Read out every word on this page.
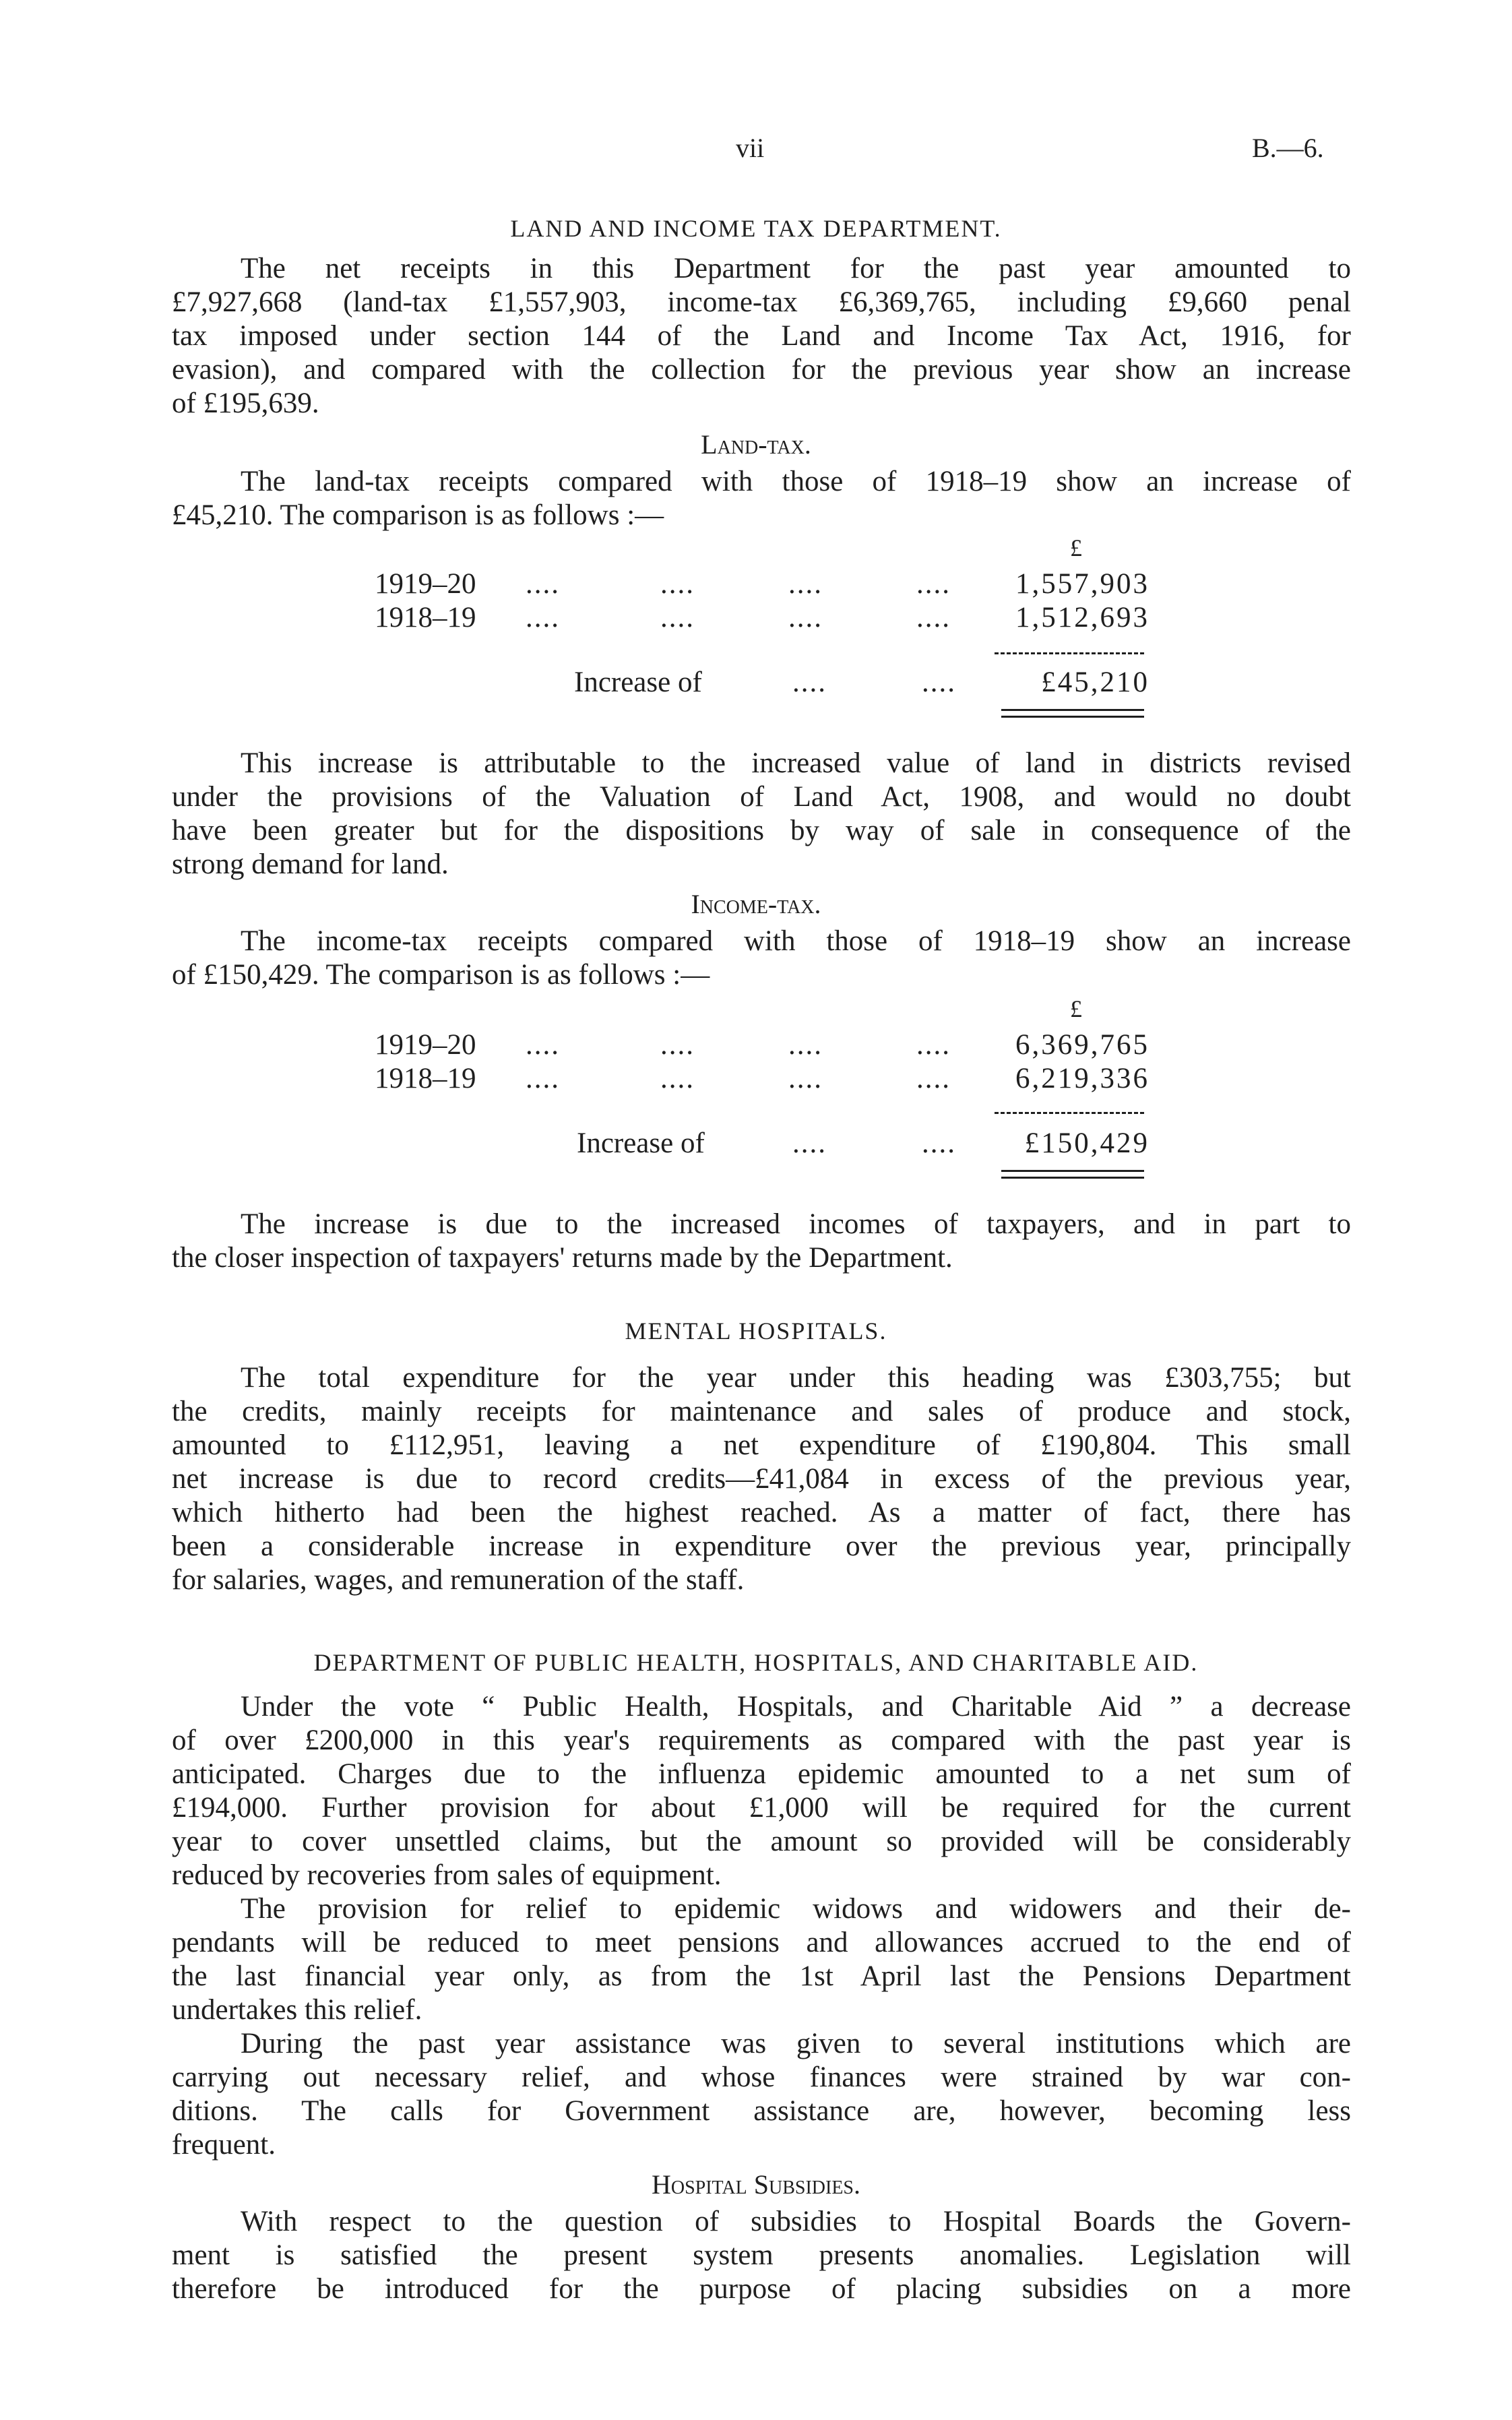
vii	B.—6.
LAND AND INCOME TAX DEPARTMENT.
The net receipts in this Department for the past year amounted to
£7,927,668 (land-tax £1,557,903, income-tax £6,369,765, including £9,660 penal
tax imposed under section 144 of the Land and Income Tax Act, 1916, for
evasion), and compared with the collection for the previous year show an increase
of £195,639.
Land-tax.
The land-tax receipts compared with those of 1918–19 show an increase of
£45,210. The comparison is as follows :—
£
1919–20 ....	....	....	....	1,557,903
1918–19 ....	....	....	....	1,512,693
Increase of	....	....	£45,210
This increase is attributable to the increased value of land in districts revised
under the provisions of the Valuation of Land Act, 1908, and would no doubt
have been greater but for the dispositions by way of sale in consequence of the
strong demand for land.
Income-tax.
The income-tax receipts compared with those of 1918–19 show an increase
of £150,429. The comparison is as follows :—
£
1919–20 ....	....	....	....	6,369,765
1918–19 ....	....	....	....	6,219,336
Increase of	....	....	£150,429
The increase is due to the increased incomes of taxpayers, and in part to
the closer inspection of taxpayers' returns made by the Department.
MENTAL HOSPITALS.
The total expenditure for the year under this heading was £303,755; but
the credits, mainly receipts for maintenance and sales of produce and stock,
amounted to £112,951, leaving a net expenditure of £190,804. This small
net increase is due to record credits—£41,084 in excess of the previous year,
which hitherto had been the highest reached. As a matter of fact, there has
been a considerable increase in expenditure over the previous year, principally
for salaries, wages, and remuneration of the staff.
DEPARTMENT OF PUBLIC HEALTH, HOSPITALS, AND CHARITABLE AID.
Under the vote “ Public Health, Hospitals, and Charitable Aid ” a decrease
of over £200,000 in this year's requirements as compared with the past year is
anticipated. Charges due to the influenza epidemic amounted to a net sum of
£194,000. Further provision for about £1,000 will be required for the current
year to cover unsettled claims, but the amount so provided will be considerably
reduced by recoveries from sales of equipment.
The provision for relief to epidemic widows and widowers and their de-
pendants will be reduced to meet pensions and allowances accrued to the end of
the last financial year only, as from the 1st April last the Pensions Department
undertakes this relief.
During the past year assistance was given to several institutions which are
carrying out necessary relief, and whose finances were strained by war con-
ditions. The calls for Government assistance are, however, becoming less
frequent.
Hospital Subsidies.
With respect to the question of subsidies to Hospital Boards the Govern-
ment is satisfied the present system presents anomalies. Legislation will
therefore be introduced for the purpose of placing subsidies on a more
